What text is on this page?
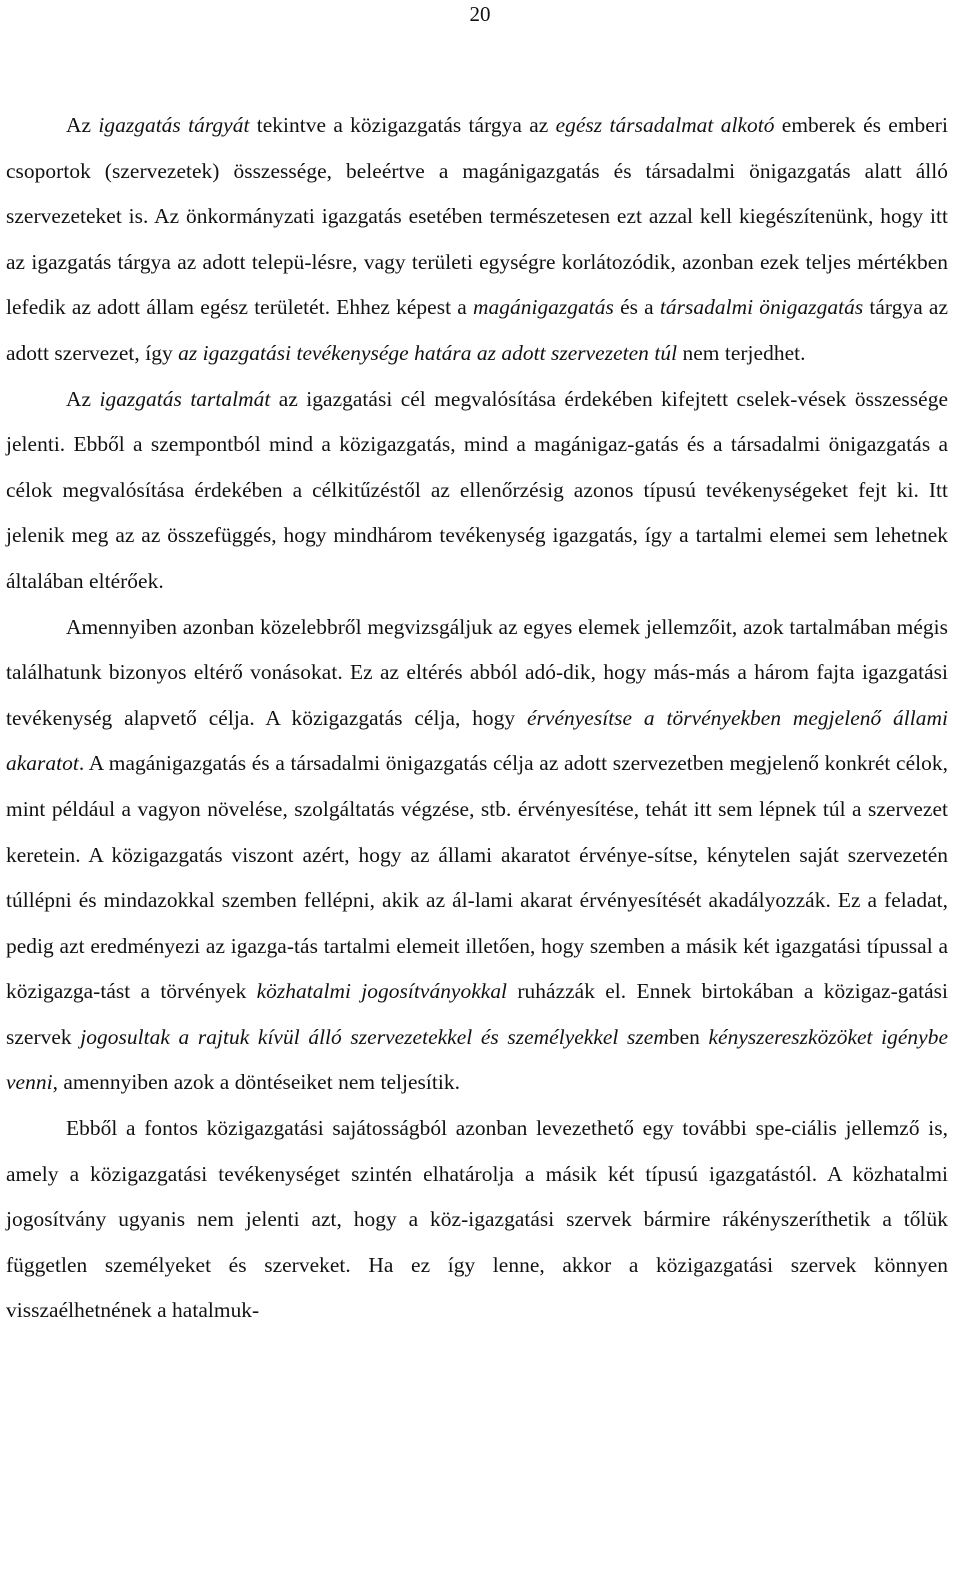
20

Az igazgatás tárgyát tekintve a közigazgatás tárgya az egész társadalmat alkotó emberek és emberi csoportok (szervezetek) összessége, beleértve a magánigazgatás és társadalmi önigazgatás alatt álló szervezeteket is. Az önkormányzati igazgatás esetében természetesen ezt azzal kell kiegészítenünk, hogy itt az igazgatás tárgya az adott telepü-lésre, vagy területi egységre korlátozódik, azonban ezek teljes mértékben lefedik az adott állam egész területét. Ehhez képest a magánigazgatás és a társadalmi önigazgatás tárgya az adott szervezet, így az igazgatási tevékenysége határa az adott szervezeten túl nem terjedhet.

Az igazgatás tartalmát az igazgatási cél megvalósítása érdekében kifejtett cselek-vések összessége jelenti. Ebből a szempontból mind a közigazgatás, mind a magánigaz-gatás és a társadalmi önigazgatás a célok megvalósítása érdekében a célkitűzéstől az ellenőrzésig azonos típusú tevékenységeket fejt ki. Itt jelenik meg az az összefüggés, hogy mindhárom tevékenység igazgatás, így a tartalmi elemei sem lehetnek általában eltérőek.

Amennyiben azonban közelebbről megvizsgáljuk az egyes elemek jellemzőit, azok tartalmában mégis találhatunk bizonyos eltérő vonásokat. Ez az eltérés abból adó-dik, hogy más-más a három fajta igazgatási tevékenység alapvető célja. A közigazgatás célja, hogy érvényesítse a törvényekben megjelenő állami akaratot. A magánigazgatás és a társadalmi önigazgatás célja az adott szervezetben megjelenő konkrét célok, mint például a vagyon növelése, szolgáltatás végzése, stb. érvényesítése, tehát itt sem lépnek túl a szervezet keretein. A közigazgatás viszont azért, hogy az állami akaratot érvénye-sítse, kénytelen saját szervezetén túllépni és mindazokkal szemben fellépni, akik az ál-lami akarat érvényesítését akadályozzák. Ez a feladat, pedig azt eredményezi az igazga-tás tartalmi elemeit illetően, hogy szemben a másik két igazgatási típussal a közigazga-tást a törvények közhatalmi jogosítványokkal ruházzák el. Ennek birtokában a közigaz-gatási szervek jogosultak a rajtuk kívül álló szervezetekkel és személyekkel szemben kényszereszközöket igénybe venni, amennyiben azok a döntéseiket nem teljesítik.

Ebből a fontos közigazgatási sajátosságból azonban levezethető egy további spe-ciális jellemző is, amely a közigazgatási tevékenységet szintén elhatárolja a másik két típusú igazgatástól. A közhatalmi jogosítvány ugyanis nem jelenti azt, hogy a köz-igazgatási szervek bármire rákényszeríthetik a tőlük független személyeket és szerveket. Ha ez így lenne, akkor a közigazgatási szervek könnyen visszaélhetnének a hatalmuk-
